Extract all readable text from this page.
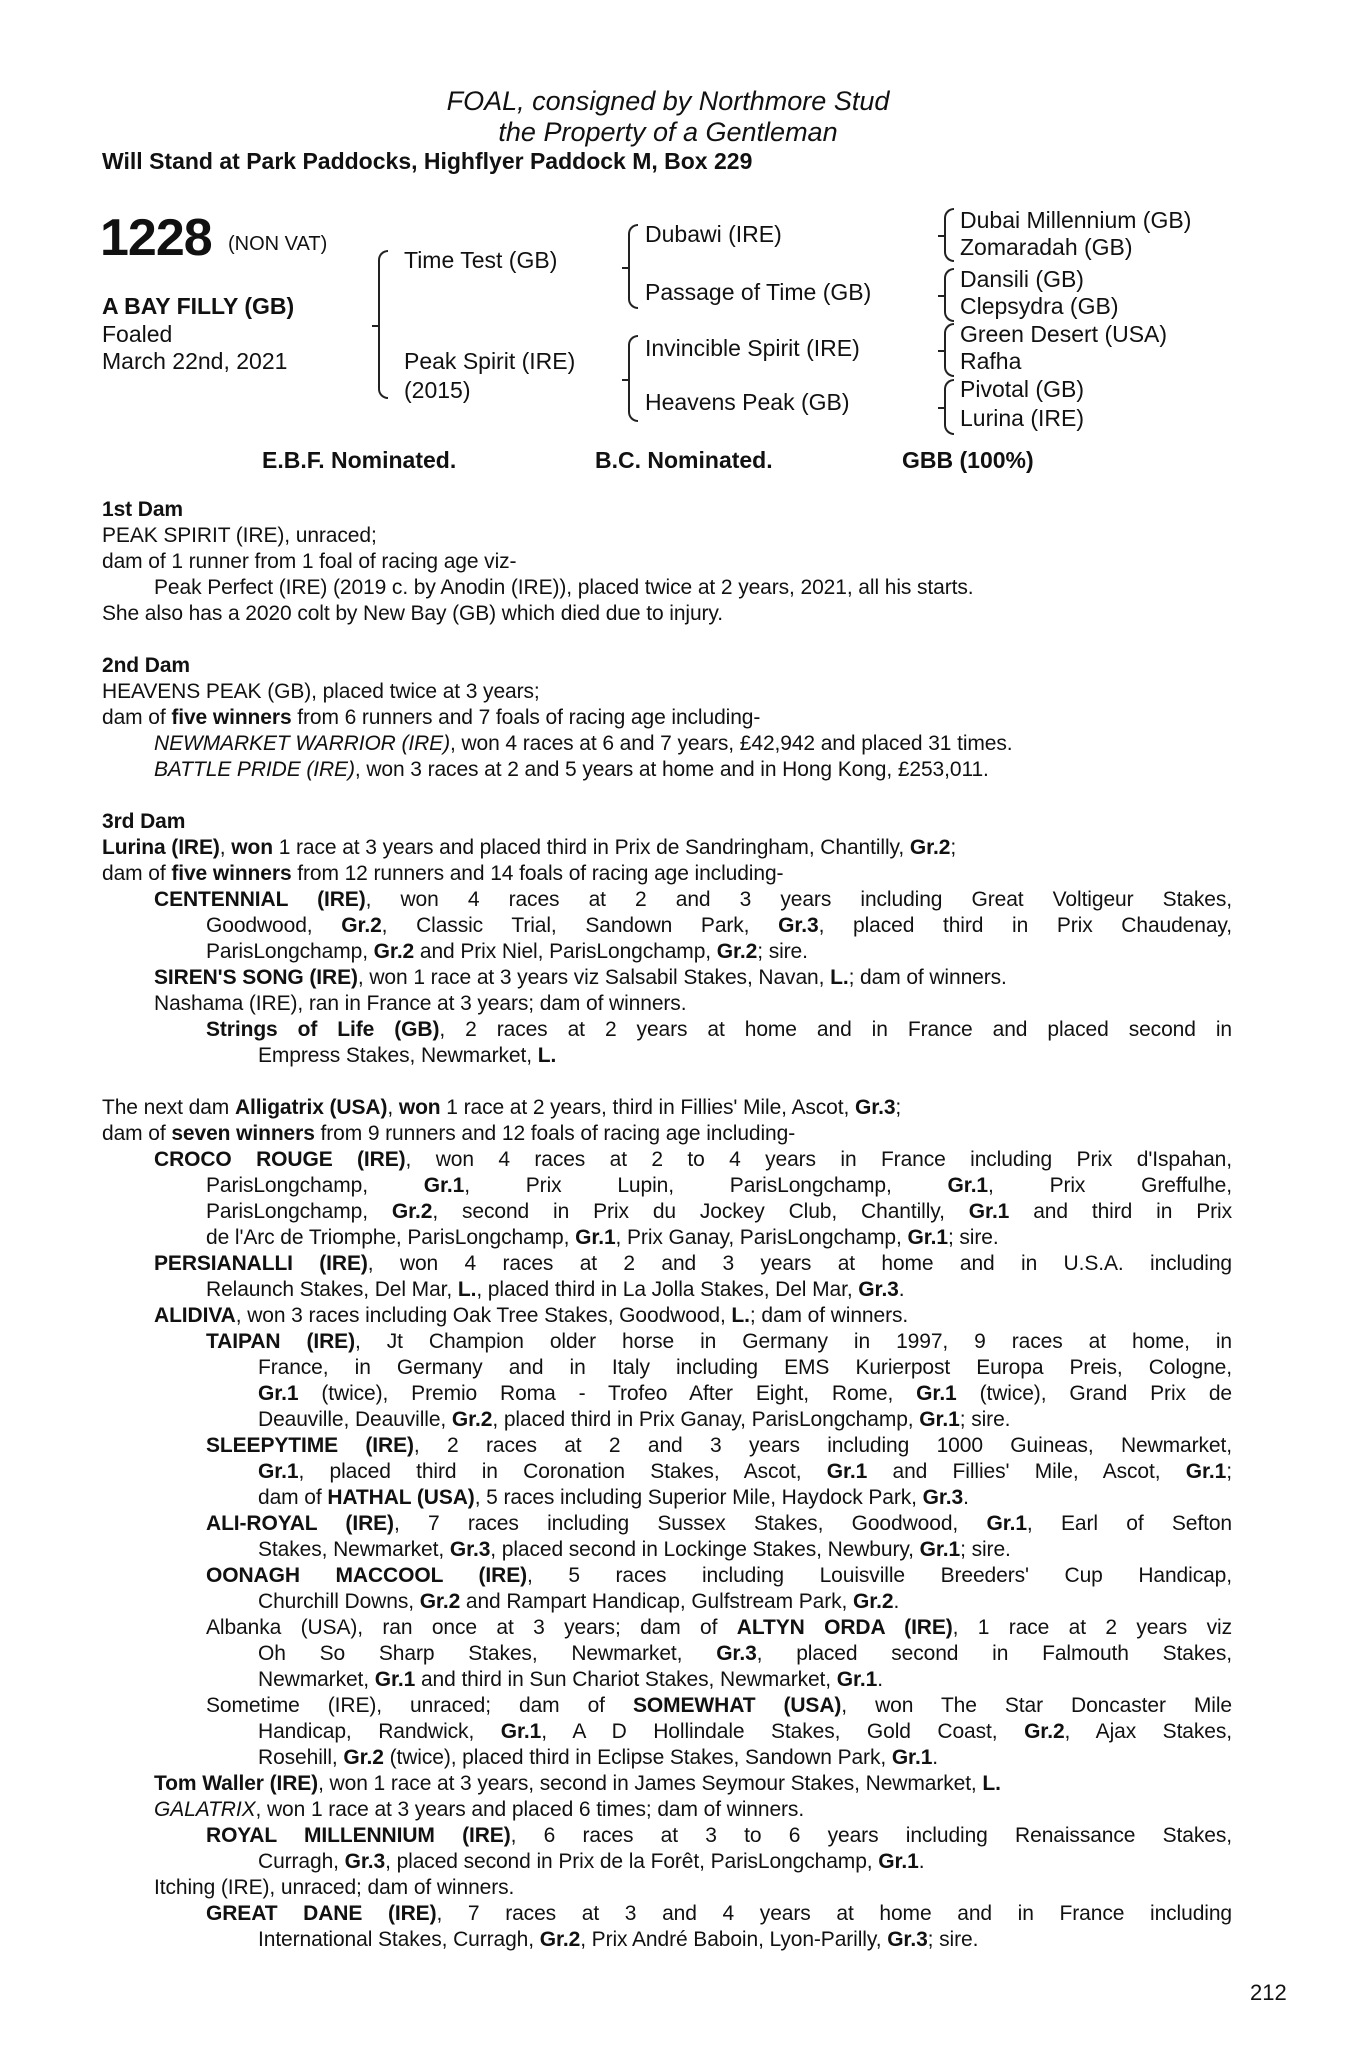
FOAL, consigned by Northmore Stud
the Property of a Gentleman
Will Stand at Park Paddocks, Highflyer Paddock M, Box 229
1228 (NON VAT)
A BAY FILLY (GB)
Foaled
March 22nd, 2021
Time Test (GB)
Peak Spirit (IRE)
(2015)
Dubawi (IRE)
Passage of Time (GB)
Invincible Spirit (IRE)
Heavens Peak (GB)
Dubai Millennium (GB)
Zomaradah (GB)
Dansili (GB)
Clepsydra (GB)
Green Desert (USA)
Rafha
Pivotal (GB)
Lurina (IRE)
E.B.F. Nominated.	B.C. Nominated.	GBB (100%)
1st Dam
PEAK SPIRIT (IRE), unraced;
dam of 1 runner from 1 foal of racing age viz-
Peak Perfect (IRE) (2019 c. by Anodin (IRE)), placed twice at 2 years, 2021, all his starts.
She also has a 2020 colt by New Bay (GB) which died due to injury.
2nd Dam
HEAVENS PEAK (GB), placed twice at 3 years;
dam of five winners from 6 runners and 7 foals of racing age including-
NEWMARKET WARRIOR (IRE), won 4 races at 6 and 7 years, £42,942 and placed 31 times.
BATTLE PRIDE (IRE), won 3 races at 2 and 5 years at home and in Hong Kong, £253,011.
3rd Dam
Lurina (IRE), won 1 race at 3 years and placed third in Prix de Sandringham, Chantilly, Gr.2;
dam of five winners from 12 runners and 14 foals of racing age including-
CENTENNIAL (IRE), won 4 races at 2 and 3 years including Great Voltigeur Stakes,
Goodwood, Gr.2, Classic Trial, Sandown Park, Gr.3, placed third in Prix Chaudenay,
ParisLongchamp, Gr.2 and Prix Niel, ParisLongchamp, Gr.2; sire.
SIREN'S SONG (IRE), won 1 race at 3 years viz Salsabil Stakes, Navan, L.; dam of winners.
Nashama (IRE), ran in France at 3 years; dam of winners.
Strings of Life (GB), 2 races at 2 years at home and in France and placed second in
Empress Stakes, Newmarket, L.
The next dam Alligatrix (USA), won 1 race at 2 years, third in Fillies' Mile, Ascot, Gr.3;
dam of seven winners from 9 runners and 12 foals of racing age including-
CROCO ROUGE (IRE), won 4 races at 2 to 4 years in France including Prix d'Ispahan,
ParisLongchamp, Gr.1, Prix Lupin, ParisLongchamp, Gr.1, Prix Greffulhe,
ParisLongchamp, Gr.2, second in Prix du Jockey Club, Chantilly, Gr.1 and third in Prix
de l'Arc de Triomphe, ParisLongchamp, Gr.1, Prix Ganay, ParisLongchamp, Gr.1; sire.
PERSIANALLI (IRE), won 4 races at 2 and 3 years at home and in U.S.A. including
Relaunch Stakes, Del Mar, L., placed third in La Jolla Stakes, Del Mar, Gr.3.
ALIDIVA, won 3 races including Oak Tree Stakes, Goodwood, L.; dam of winners.
TAIPAN (IRE), Jt Champion older horse in Germany in 1997, 9 races at home, in
France, in Germany and in Italy including EMS Kurierpost Europa Preis, Cologne,
Gr.1 (twice), Premio Roma - Trofeo After Eight, Rome, Gr.1 (twice), Grand Prix de
Deauville, Deauville, Gr.2, placed third in Prix Ganay, ParisLongchamp, Gr.1; sire.
SLEEPYTIME (IRE), 2 races at 2 and 3 years including 1000 Guineas, Newmarket,
Gr.1, placed third in Coronation Stakes, Ascot, Gr.1 and Fillies' Mile, Ascot, Gr.1;
dam of HATHAL (USA), 5 races including Superior Mile, Haydock Park, Gr.3.
ALI-ROYAL (IRE), 7 races including Sussex Stakes, Goodwood, Gr.1, Earl of Sefton
Stakes, Newmarket, Gr.3, placed second in Lockinge Stakes, Newbury, Gr.1; sire.
OONAGH MACCOOL (IRE), 5 races including Louisville Breeders' Cup Handicap,
Churchill Downs, Gr.2 and Rampart Handicap, Gulfstream Park, Gr.2.
Albanka (USA), ran once at 3 years; dam of ALTYN ORDA (IRE), 1 race at 2 years viz
Oh So Sharp Stakes, Newmarket, Gr.3, placed second in Falmouth Stakes,
Newmarket, Gr.1 and third in Sun Chariot Stakes, Newmarket, Gr.1.
Sometime (IRE), unraced; dam of SOMEWHAT (USA), won The Star Doncaster Mile
Handicap, Randwick, Gr.1, A D Hollindale Stakes, Gold Coast, Gr.2, Ajax Stakes,
Rosehill, Gr.2 (twice), placed third in Eclipse Stakes, Sandown Park, Gr.1.
Tom Waller (IRE), won 1 race at 3 years, second in James Seymour Stakes, Newmarket, L.
GALATRIX, won 1 race at 3 years and placed 6 times; dam of winners.
ROYAL MILLENNIUM (IRE), 6 races at 3 to 6 years including Renaissance Stakes,
Curragh, Gr.3, placed second in Prix de la Forêt, ParisLongchamp, Gr.1.
Itching (IRE), unraced; dam of winners.
GREAT DANE (IRE), 7 races at 3 and 4 years at home and in France including
International Stakes, Curragh, Gr.2, Prix André Baboin, Lyon-Parilly, Gr.3; sire.
212
